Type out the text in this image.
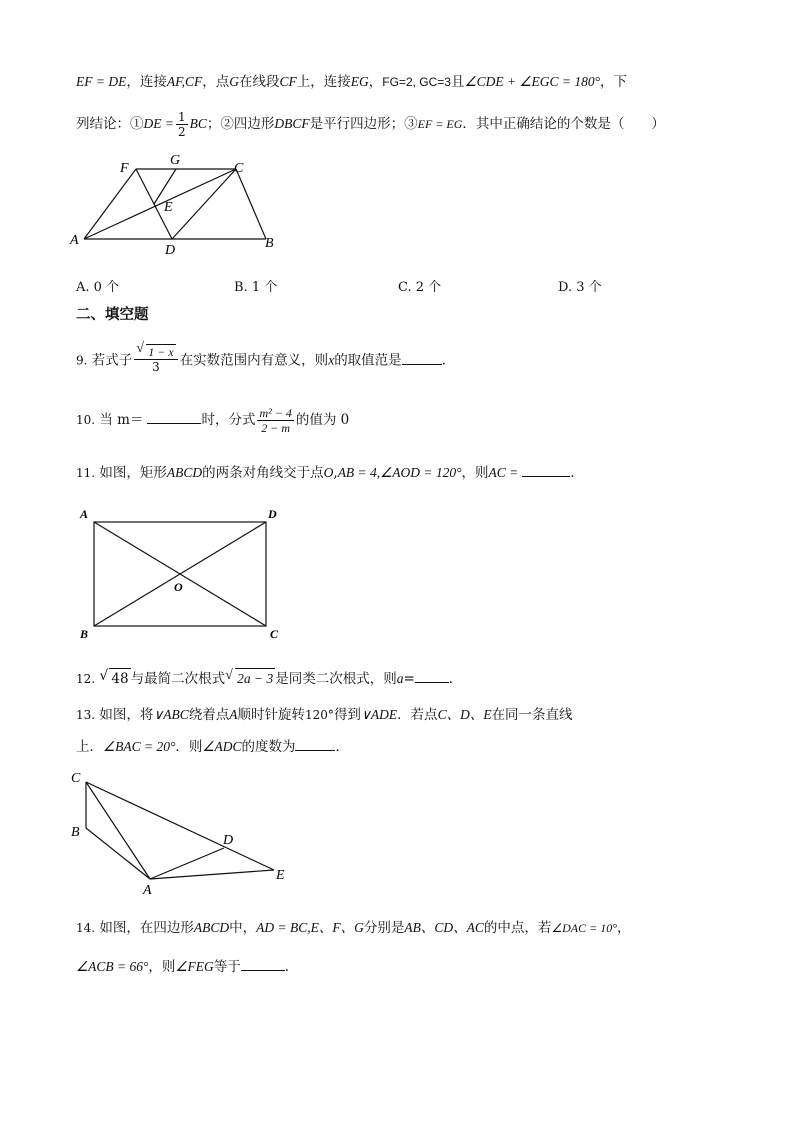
EF = DE，连接AF,CF，点G在线段CF上，连接EG，FG=2, GC=3且∠CDE + ∠EGC = 180°，下
列结论：①DE = $\frac{1}{2}$ BC；②四边形DBCF是平行四边形；③EF = EG．其中正确结论的个数是（　　）
F
G
C
E
A
D	B
A. 0 个	B. 1 个	C. 2 个	D. 3 个
二、填空题
9. 若式子 √ $\frac{1 - x}{3}$ 在实数范围内有意义，则x的取值范是	．
10. 当 m＝	时，分式 $\frac{\text{m² − 4}}{2 - m}$ 的值为 0
11. 如图，矩形ABCD的两条对角线交于点O,AB = 4,∠AOD = 120°，则AC =	．
A	D
O
B	C
12. √ 48 与最简二次根式 √ 2a − 3 是同类二次根式，则a=	．
13. 如图，将∨ABC绕着点A顺时针旋转120°得到∨ADE．若点C、D、E在同一条直线
上．∠BAC = 20°．则∠ADC的度数为	．
C
B
D
A
E
14. 如图，在四边形ABCD中，AD = BC,E、F、G分别是AB、CD、AC的中点，若∠DAC = 10°，
∠ACB = 66°，则∠FEG等于	．
